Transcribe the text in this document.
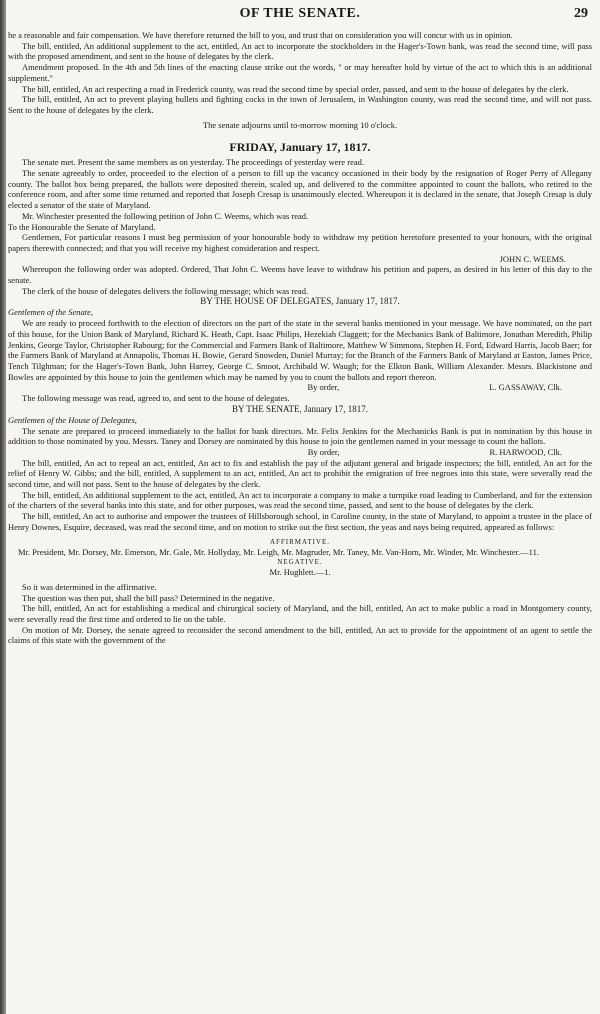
OF THE SENATE.	29

he a reasonable and fair compensation. We have therefore returned the bill to you, and trust that on consideration you will concur with us in opinion.

The bill, entitled, An additional supplement to the act, entitled, An act to incorporate the stockholders in the Hager's-Town bank, was read the second time, will pass with the proposed amendment, and sent to the house of delegates by the clerk.

Amendment proposed. In the 4th and 5th lines of the enacting clause strike out the words, " or may hereafter hold by virtue of the act to which this is an additional supplement."

The bill, entitled, An act respecting a road in Frederick county, was read the second time by special order, passed, and sent to the house of delegates by the clerk.

The bill, entitled, An act to prevent playing bullets and fighting cocks in the town of Jerusalem, in Washington county, was read the second time, and will not pass. Sent to the house of delegates by the clerk.

The senate adjourns until to-morrow morning 10 o'clock.

FRIDAY, January 17, 1817.

The senate met. Present the same members as on yesterday. The proceedings of yesterday were read.

The senate agreeably to order, proceeded to the election of a person to fill up the vacancy occasioned in their body by the resignation of Roger Perry of Allegany county. The ballot box being prepared, the ballots were deposited therein, scaled up, and delivered to the committee appointed to count the ballots, who retired to the conference room, and after some time returned and reported that Joseph Cresap is unanimously elected. Whereupon it is declared in the senate, that Joseph Cresap is duly elected a senator of the state of Maryland.

Mr. Winchester presented the following petition of John C. Weems, which was read.

To the Honourable the Senate of Maryland.

Gentlemen, For particular reasons I must beg permission of your honourable body to withdraw my petition heretofore presented to your honours, with the original papers therewith connected; and that you will receive my highest consideration and respect.

JOHN C. WEEMS.

Whereupon the following order was adopted. Ordered, That John C. Weems have leave to withdraw his petition and papers, as desired in his letter of this day to the senate.

The clerk of the house of delegates delivers the following message; which was read.

BY THE HOUSE OF DELEGATES, January 17, 1817.

Gentlemen of the Senate,

We are ready to proceed forthwith to the election of directors on the part of the state in the several banks mentioned in your message. We have nominated, on the part of this house, for the Union Bank of Maryland, Richard K. Heath, Capt. Isaac Philips, Hezekiah Claggett; for the Mechanics Bank of Baltimore, Jonathan Meredith, Philip Jenkins, George Taylor, Christopher Rabourg; for the Commercial and Farmers Bank of Baltimore, Matthew W Simmons, Stephen H. Ford, Edward Harris, Jacob Baer; for the Farmers Bank of Maryland at Annapolis, Thomas H. Bowie, Gerard Snowden, Daniel Murray; for the Branch of the Farmers Bank of Maryland at Easton, James Price, Tench Tilghman; for the Hager's-Town Bank, John Harrey, George C. Smoot, Archibald W. Waugh; for the Elkton Bank, William Alexander. Messrs. Blackistone and Bowles are appointed by this house to join the gentlemen which may be named by you to count the ballots and report thereon.

By order,	L. GASSAWAY, Clk.

The following message was read, agreed to, and sent to the house of delegates.

BY THE SENATE, January 17, 1817.

Gentlemen of the House of Delegates,

The senate are prepared to proceed immediately to the ballot for bank directors. Mr. Felix Jenkins for the Mechanicks Bank is put in nomination by this house in addition to those nominated by you. Messrs. Taney and Dorsey are nominated by this house to join the gentlemen named in your message to count the ballots.

By order,	R. HARWOOD, Clk.

The bill, entitled, An act to repeal an act, entitled, An act to fix and establish the pay of the adjutant general and brigade inspectors; the bill, entitled, An act for the relief of Henry W. Gibbs; and the bill, entitled, A supplement to an act, entitled, An act to prohibit the emigration of free negroes into this state, were severally read the second time, and will not pass. Sent to the house of delegates by the clerk.

The bill, entitled, An additional supplement to the act, entitled, An act to incorporate a company to make a turnpike road leading to Cumberland, and for the extension of the charters of the several banks into this state, and for other purposes, was read the second time, passed, and sent to the house of delegates by the clerk.

The bill, entitled, An act to authorise and empower the trustees of Hillsborough school, in Caroline county, in the state of Maryland, to appoint a trustee in the place of Henry Downes, Esquire, deceased, was read the second time, and on motion to strike out the first section, the yeas and nays being required, appeared as follows:

AFFIRMATIVE.

Mr. President, Mr. Dorsey, Mr. Emerson, Mr. Gale, Mr. Hollyday, Mr. Leigh, Mr. Magruder, Mr. Taney, Mr. Van-Horn, Mr. Winder, Mr. Winchester.—11.

NEGATIVE.

Mr. Hughlett.—1.

So it was determined in the affirmative.

The question was then put, shall the bill pass? Determined in the negative.

The bill, entitled, An act for establishing a medical and chirurgical society of Maryland, and the bill, entitled, An act to make public a road in Montgomery county, were severally read the first time and ordered to lie on the table.

On motion of Mr. Dorsey, the senate agreed to reconsider the second amendment to the bill, entitled, An act to provide for the appointment of an agent to settle the claims of this state with the government of the
